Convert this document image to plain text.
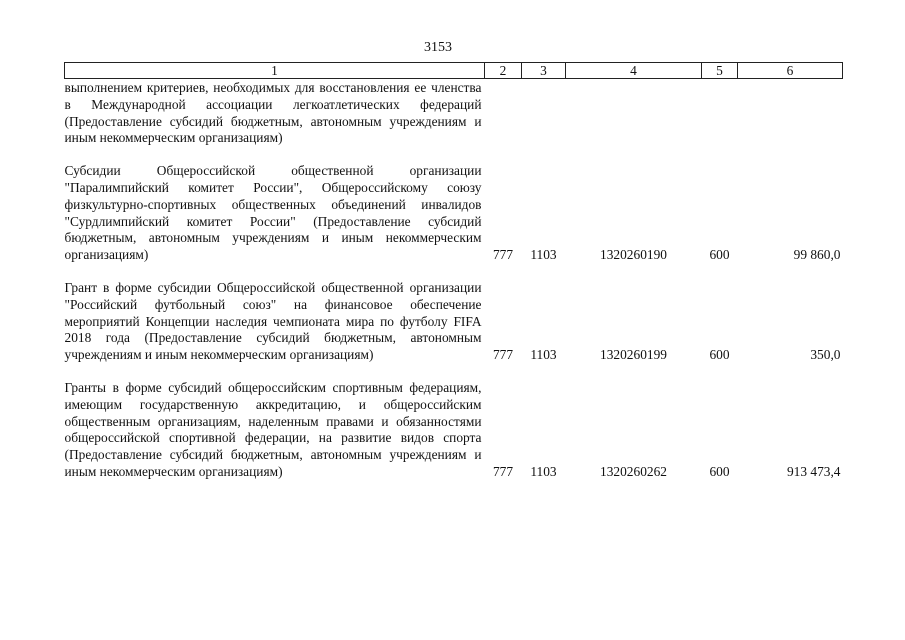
3153
1	2	3	4	5	6
выполнением критериев, необходимых для восстановления ее членства в Международной ассоциации легкоатлетических федераций (Предоставление субсидий бюджетным, автономным учреждениям и иным некоммерческим организациям)					

Субсидии Общероссийской общественной организации "Паралимпийский комитет России", Общероссийскому союзу физкультурно-спортивных общественных объединений инвалидов "Сурдлимпийский комитет России" (Предоставление субсидий бюджетным, автономным учреждениям и иным некоммерческим организациям)	777	1103	1320260190	600	99 860,0

Грант в форме субсидии Общероссийской общественной организации "Российский футбольный союз" на финансовое обеспечение мероприятий Концепции наследия чемпионата мира по футболу FIFA 2018 года (Предоставление субсидий бюджетным, автономным учреждениям и иным некоммерческим организациям)	777	1103	1320260199	600	350,0

Гранты в форме субсидий общероссийским спортивным федерациям, имеющим государственную аккредитацию, и общероссийским общественным организациям, наделенным правами и обязанностями общероссийской спортивной федерации, на развитие видов спорта (Предоставление субсидий бюджетным, автономным учреждениям и иным некоммерческим организациям)	777	1103	1320260262	600	913 473,4
